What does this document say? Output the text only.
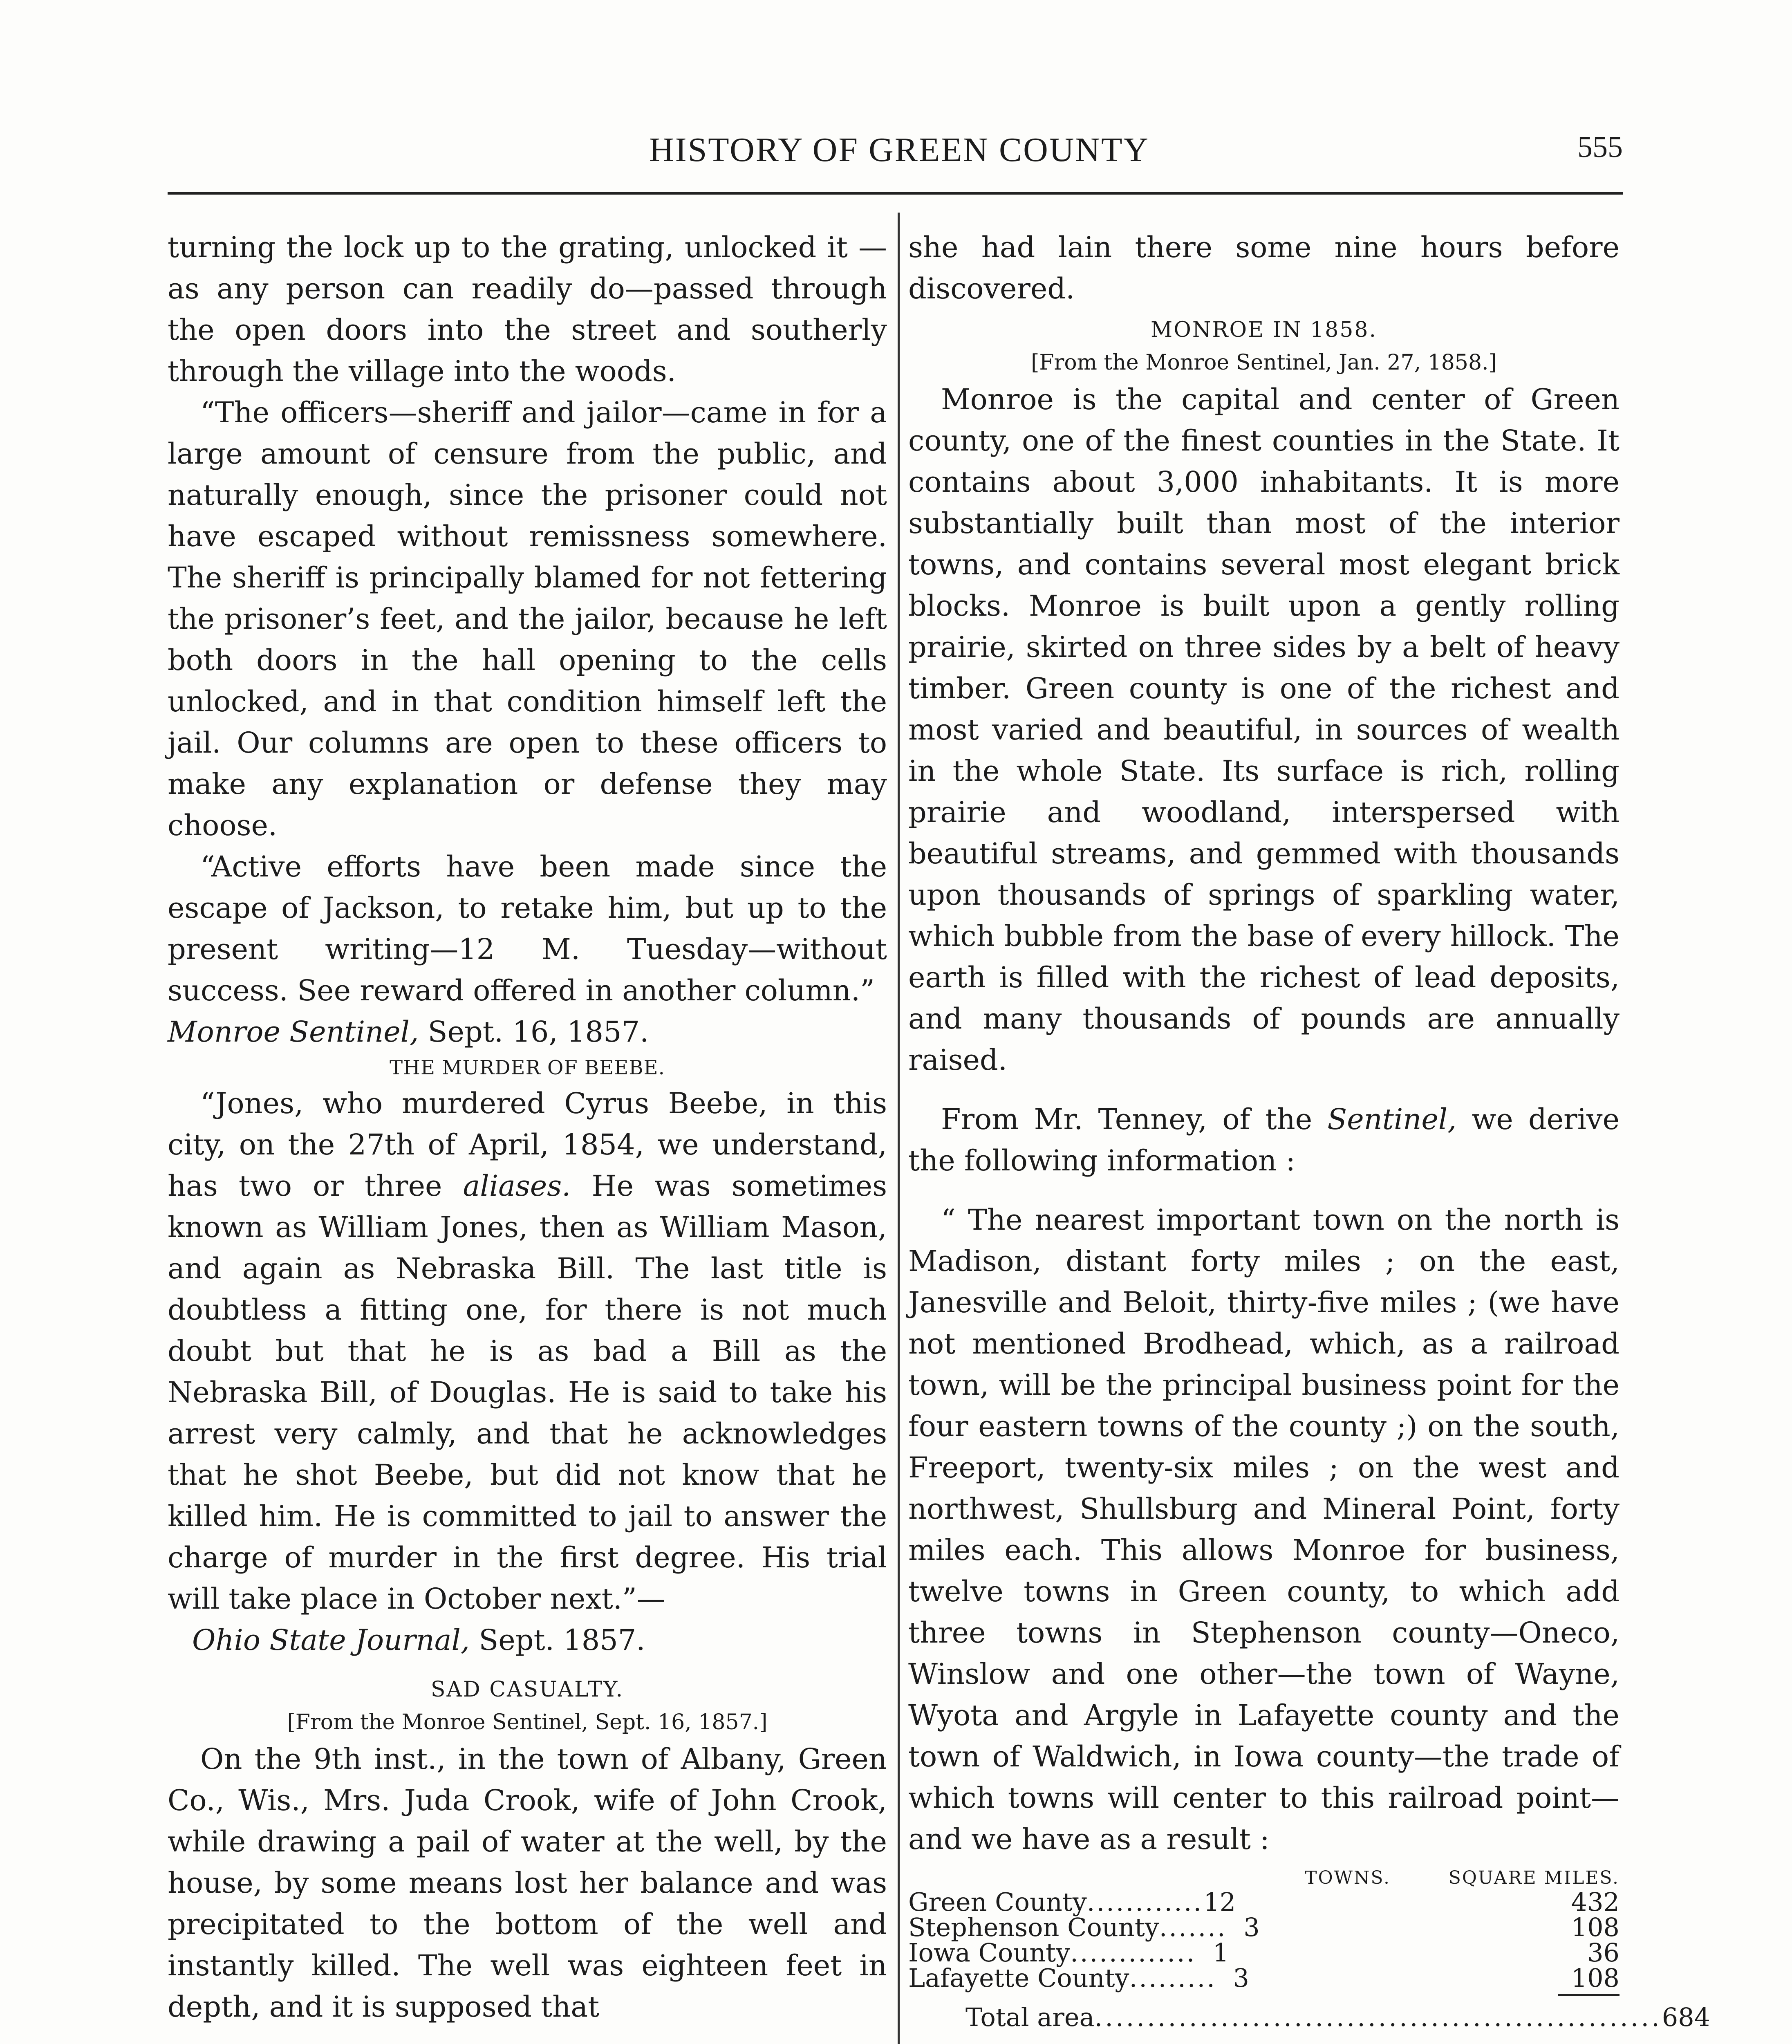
HISTORY OF GREEN COUNTY	555

turning the lock up to the grating, unlocked it —as any person can readily do—passed through the open doors into the street and southerly through the village into the woods.

“The officers—sheriff and jailor—came in for a large amount of censure from the public, and naturally enough, since the prisoner could not have escaped without remissness somewhere. The sheriff is principally blamed for not fettering the prisoner’s feet, and the jailor, because he left both doors in the hall opening to the cells unlocked, and in that condition himself left the jail. Our columns are open to these officers to make any explanation or defense they may choose.

“Active efforts have been made since the escape of Jackson, to retake him, but up to the present writing—12 M. Tuesday—without success. See reward offered in another column.”

Monroe Sentinel, Sept. 16, 1857.

THE MURDER OF BEEBE.

“Jones, who murdered Cyrus Beebe, in this city, on the 27th of April, 1854, we understand, has two or three aliases. He was sometimes known as William Jones, then as William Mason, and again as Nebraska Bill. The last title is doubtless a fitting one, for there is not much doubt but that he is as bad a Bill as the Nebraska Bill, of Douglas. He is said to take his arrest very calmly, and that he acknowledges that he shot Beebe, but did not know that he killed him. He is committed to jail to answer the charge of murder in the first degree. His trial will take place in October next.”—

Ohio State Journal, Sept. 1857.

SAD CASUALTY.

[From the Monroe Sentinel, Sept. 16, 1857.]

On the 9th inst., in the town of Albany, Green Co., Wis., Mrs. Juda Crook, wife of John Crook, while drawing a pail of water at the well, by the house, by some means lost her balance and was precipitated to the bottom of the well and instantly killed. The well was eighteen feet in depth, and it is supposed that

she had lain there some nine hours before discovered.

MONROE IN 1858.

[From the Monroe Sentinel, Jan. 27, 1858.]

Monroe is the capital and center of Green county, one of the finest counties in the State. It contains about 3,000 inhabitants. It is more substantially built than most of the interior towns, and contains several most elegant brick blocks. Monroe is built upon a gently rolling prairie, skirted on three sides by a belt of heavy timber. Green county is one of the richest and most varied and beautiful, in sources of wealth in the whole State. Its surface is rich, rolling prairie and woodland, interspersed with beautiful streams, and gemmed with thousands upon thousands of springs of sparkling water, which bubble from the base of every hillock. The earth is filled with the richest of lead deposits, and many thousands of pounds are annually raised.

From Mr. Tenney, of the Sentinel, we derive the following information :

“ The nearest important town on the north is Madison, distant forty miles ; on the east, Janesville and Beloit, thirty-five miles ; (we have not mentioned Brodhead, which, as a railroad town, will be the principal business point for the four eastern towns of the county ;) on the south, Freeport, twenty-six miles ; on the west and northwest, Shullsburg and Mineral Point, forty miles each. This allows Monroe for business, twelve towns in Green county, to which add three towns in Stephenson county—Oneco, Winslow and one other—the town of Wayne, Wyota and Argyle in Lafayette county and the town of Waldwich, in Iowa county—the trade of which towns will center to this railroad point—and we have as a result :

TOWNS.	SQUARE MILES.
Green County ............ 12	432
Stephenson County ....... 3	108
Iowa County ............. 1	36
Lafayette County ......... 3	108
Total area ...................................................... 684
